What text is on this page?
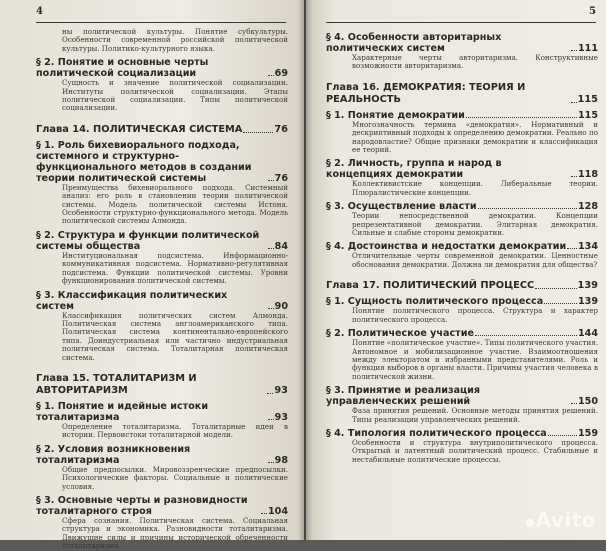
4
ны политической культуры. Понятие субкультуры. Особенности современной российской политической культуры. Политико-культурного языка.
§ 2. Понятие и основные черты политической социализации	69
Сущность и значение политической социализации. Институты политической социализации. Этапы политической социализации. Типы политической социализации.
Глава 14. ПОЛИТИЧЕСКАЯ СИСТЕМА	76
§ 1. Роль бихевиорального подхода, системного и структурно-функционального методов в создании теории политической системы	76
Преимущества бихевиорального подхода. Системный анализ: его роль в становлении теории политической системы. Модель политической системы Истона. Особенности структурно-функционального метода. Модель политической системы Алмонда.
§ 2. Структура и функции политической системы общества	84
Институциональная подсистема. Информационно-коммуникативная подсистема. Нормативно-регулятивная подсистема. Функции политической системы. Уровни функционирования политической системы.
§ 3. Классификация политических систем	90
Классификация политических систем Алмонда. Политическая система англоамериканского типа. Политическая система континентально-европейского типа. Доиндустриальная или частично индустриальная политическая система. Тоталитарная политическая система.
Глава 15. ТОТАЛИТАРИЗМ И АВТОРИТАРИЗМ	93
§ 1. Понятие и идейные истоки тоталитаризма	93
Определение тоталитаризма. Тоталитарные идеи в истории. Первоистоки тоталитарной модели.
§ 2. Условия возникновения тоталитаризма	98
Общие предпосылки. Мировоззренческие предпосылки. Психологические факторы. Социальные и политические условия.
§ 3. Основные черты и разновидности тоталитарного строя	104
Сфера сознания. Политическая система. Социальная структура и экономика. Разновидности тоталитаризма. Движущие силы и причины исторической обреченности тоталитаризма.
5
§ 4. Особенности авторитарных политических систем	111
Характерные черты авторитаризма. Конструктивные возможности авторитаризма.
Глава 16. ДЕМОКРАТИЯ: ТЕОРИЯ И РЕАЛЬНОСТЬ	115
§ 1. Понятие демократии	115
Многозначность термина «демократия». Нормативный и дескриптивный подходы к определению демократии. Реально по народовластие? Общие признаки демократии и классификация ее теорий.
§ 2. Личность, группа и народ в концепциях демократии	118
Коллективистские концепции. Либеральные теории. Плюралистические концепции.
§ 3. Осуществление власти	128
Теории непосредственной демократии. Концепции репрезентативной демократии. Элитарная демократия. Сильные и слабые стороны демократии.
§ 4. Достоинства и недостатки демократии 134
Отличительные черты современной демократии. Ценностные обоснования демократии. Должна ли демократия для общества?
Глава 17. ПОЛИТИЧЕСКИЙ ПРОЦЕСС	139
§ 1. Сущность политического процесса	139
Понятие политического процесса. Структура и характер политического процесса.
§ 2. Политическое участие	144
Понятие «политическое участие». Типы политического участия. Автономное и мобилизационное участие. Взаимоотношения между электоратом и избранными представителями. Роль и функция выборов в органы власти. Причины участия человека в политической жизни.
§ 3. Принятие и реализация управленческих решений	150
Фаза принятия решений. Основные методы принятия решений. Типы реализации управленческих решений.
§ 4. Типология политического процесса	159
Особенности и структура внутриполитического процесса. Открытый и латентный политический процесс. Стабильные и нестабильные политические процессы.
Avito
